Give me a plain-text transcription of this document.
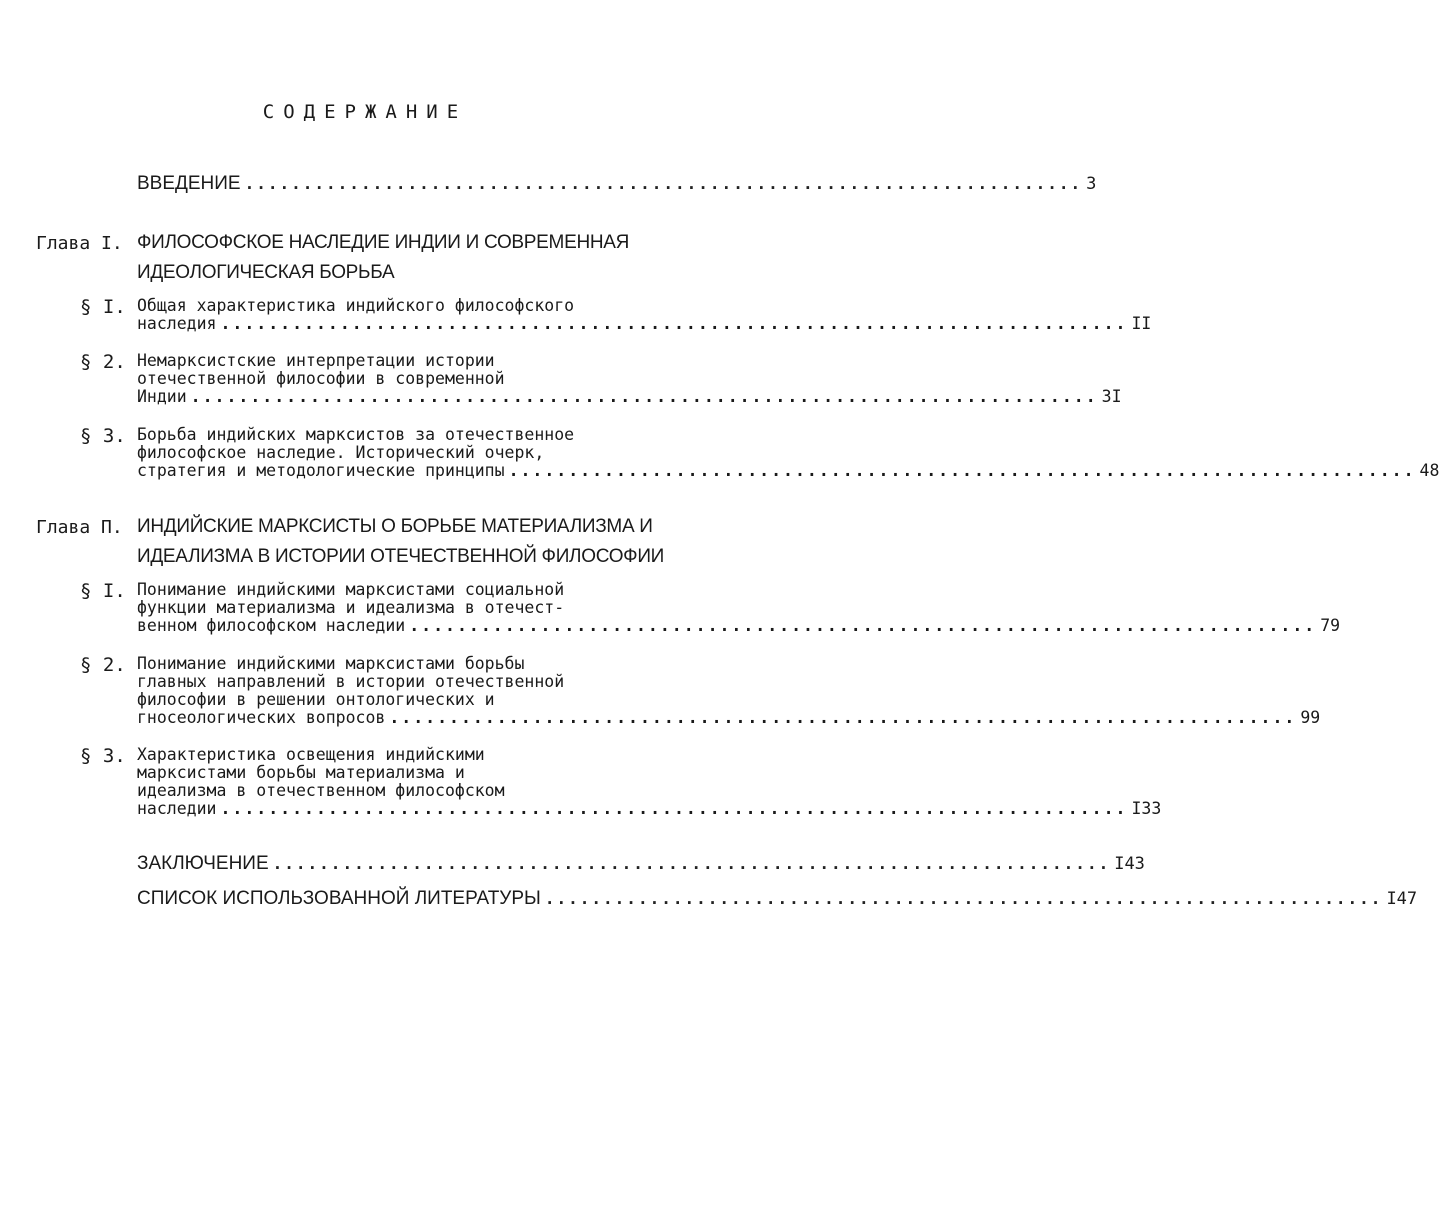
СОДЕРЖАНИЕ
ВВЕДЕНИЕ ........................................................................ 3
Глава I. ФИЛОСОФСКОЕ НАСЛЕДИЕ ИНДИИ И СОВРЕМЕННАЯ
ИДЕОЛОГИЧЕСКАЯ БОРЬБА
§ I. Общая характеристика индийского философского
наследия ............................................................................ II
§ 2. Немарксистские интерпретации истории
отечественной философии в современной
Индии ............................................................................ 3I
§ 3. Борьба индийских марксистов за отечественное
философское наследие. Исторический очерк,
стратегия и методологические принципы ............................................................................ 48
Глава П. ИНДИЙСКИЕ МАРКСИСТЫ О БОРЬБЕ МАТЕРИАЛИЗМА И
ИДЕАЛИЗМА В ИСТОРИИ ОТЕЧЕСТВЕННОЙ ФИЛОСОФИИ
§ I. Понимание индийскими марксистами социальной
функции материализма и идеализма в отечест-
венном философском наследии ............................................................................ 79
§ 2. Понимание индийскими марксистами борьбы
главных направлений в истории отечественной
философии в решении онтологических и
гносеологических вопросов ............................................................................ 99
§ 3. Характеристика освещения индийскими
марксистами борьбы материализма и
идеализма в отечественном философском
наследии ............................................................................ I33
ЗАКЛЮЧЕНИЕ ........................................................................ I43
СПИСОК ИСПОЛЬЗОВАННОЙ ЛИТЕРАТУРЫ ........................................................................ I47
